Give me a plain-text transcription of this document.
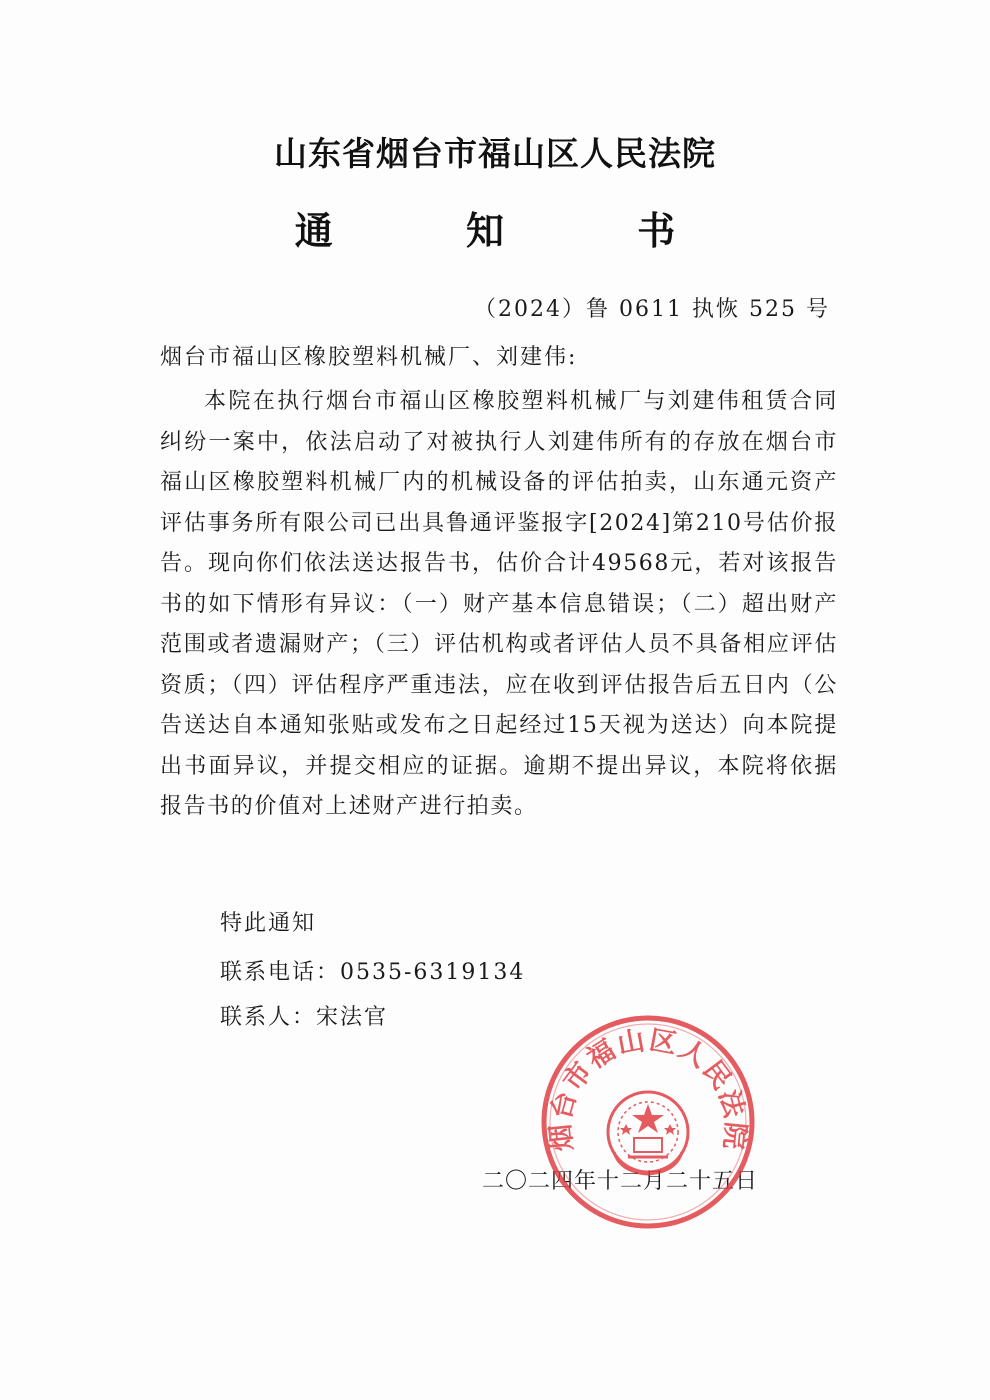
山东省烟台市福山区人民法院
通 知 书
（2024）鲁 0611 执恢 525 号
烟台市福山区橡胶塑料机械厂、刘建伟:

本院在执行烟台市福山区橡胶塑料机械厂与刘建伟租赁合同纠纷一案中，依法启动了对被执行人刘建伟所有的存放在烟台市福山区橡胶塑料机械厂内的机械设备的评估拍卖，山东通元资产评估事务所有限公司已出具鲁通评鉴报字[2024]第210号估价报告。现向你们依法送达报告书，估价合计49568元，若对该报告书的如下情形有异议：（一）财产基本信息错误；（二）超出财产范围或者遗漏财产；（三）评估机构或者评估人员不具备相应评估资质；（四）评估程序严重违法，应在收到评估报告后五日内（公告送达自本通知张贴或发布之日起经过15天视为送达）向本院提出书面异议，并提交相应的证据。逾期不提出异议，本院将依据报告书的价值对上述财产进行拍卖。

特此通知
联系电话：0535-6319134
联系人：宋法官
二〇二四年十二月二十五日
烟台市福山区人民法院
